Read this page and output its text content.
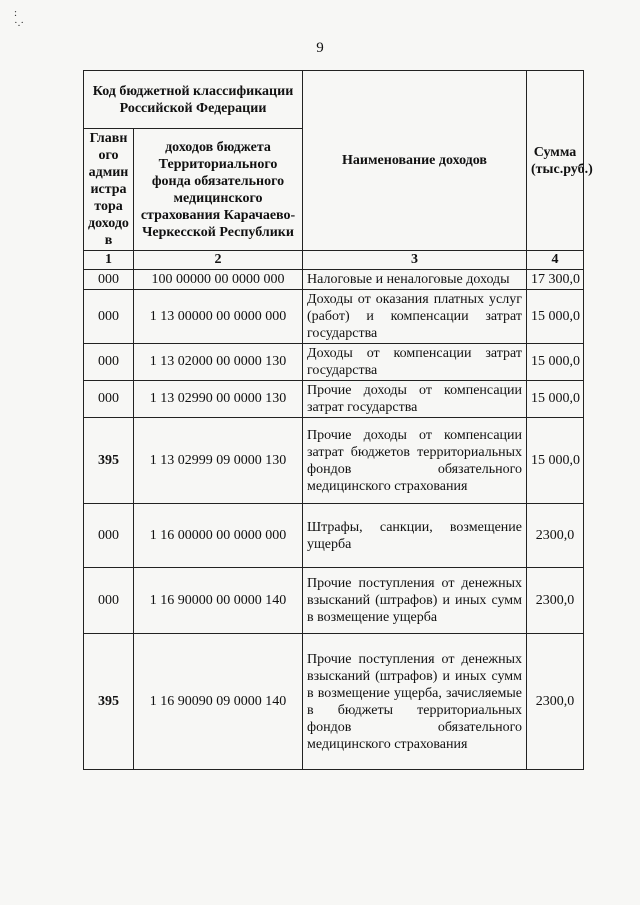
:
·.·
9
Код бюджетной классификации Российской Федерации		Наименование доходов	Сумма (тыс.руб.)
Главн ого админ истра тора доходо в	доходов бюджета Территориального фонда обязательного медицинского страхования Карачаево-Черкесской Республики		
1	2	3	4
000	100 00000 00 0000 000	Налоговые и неналоговые доходы	17 300,0
000	1 13 00000 00 0000 000	Доходы от оказания платных услуг (работ) и компенсации затрат государства	15 000,0
000	1 13 02000 00 0000 130	Доходы от компенсации затрат государства	15 000,0
000	1 13 02990 00 0000 130	Прочие доходы от компенсации затрат государства	15 000,0
395	1 13 02999 09 0000 130	Прочие доходы от компенсации затрат бюджетов территориальных фондов обязательного медицинского страхования	15 000,0
000	1 16 00000 00 0000 000	Штрафы, санкции, возмещение ущерба	2300,0
000	1 16 90000 00 0000 140	Прочие поступления от денежных взысканий (штрафов) и иных сумм в возмещение ущерба	2300,0
395	1 16 90090 09 0000 140	Прочие поступления от денежных взысканий (штрафов) и иных сумм в возмещение ущерба, зачисляемые в бюджеты территориальных фондов обязательного медицинского страхования	2300,0
